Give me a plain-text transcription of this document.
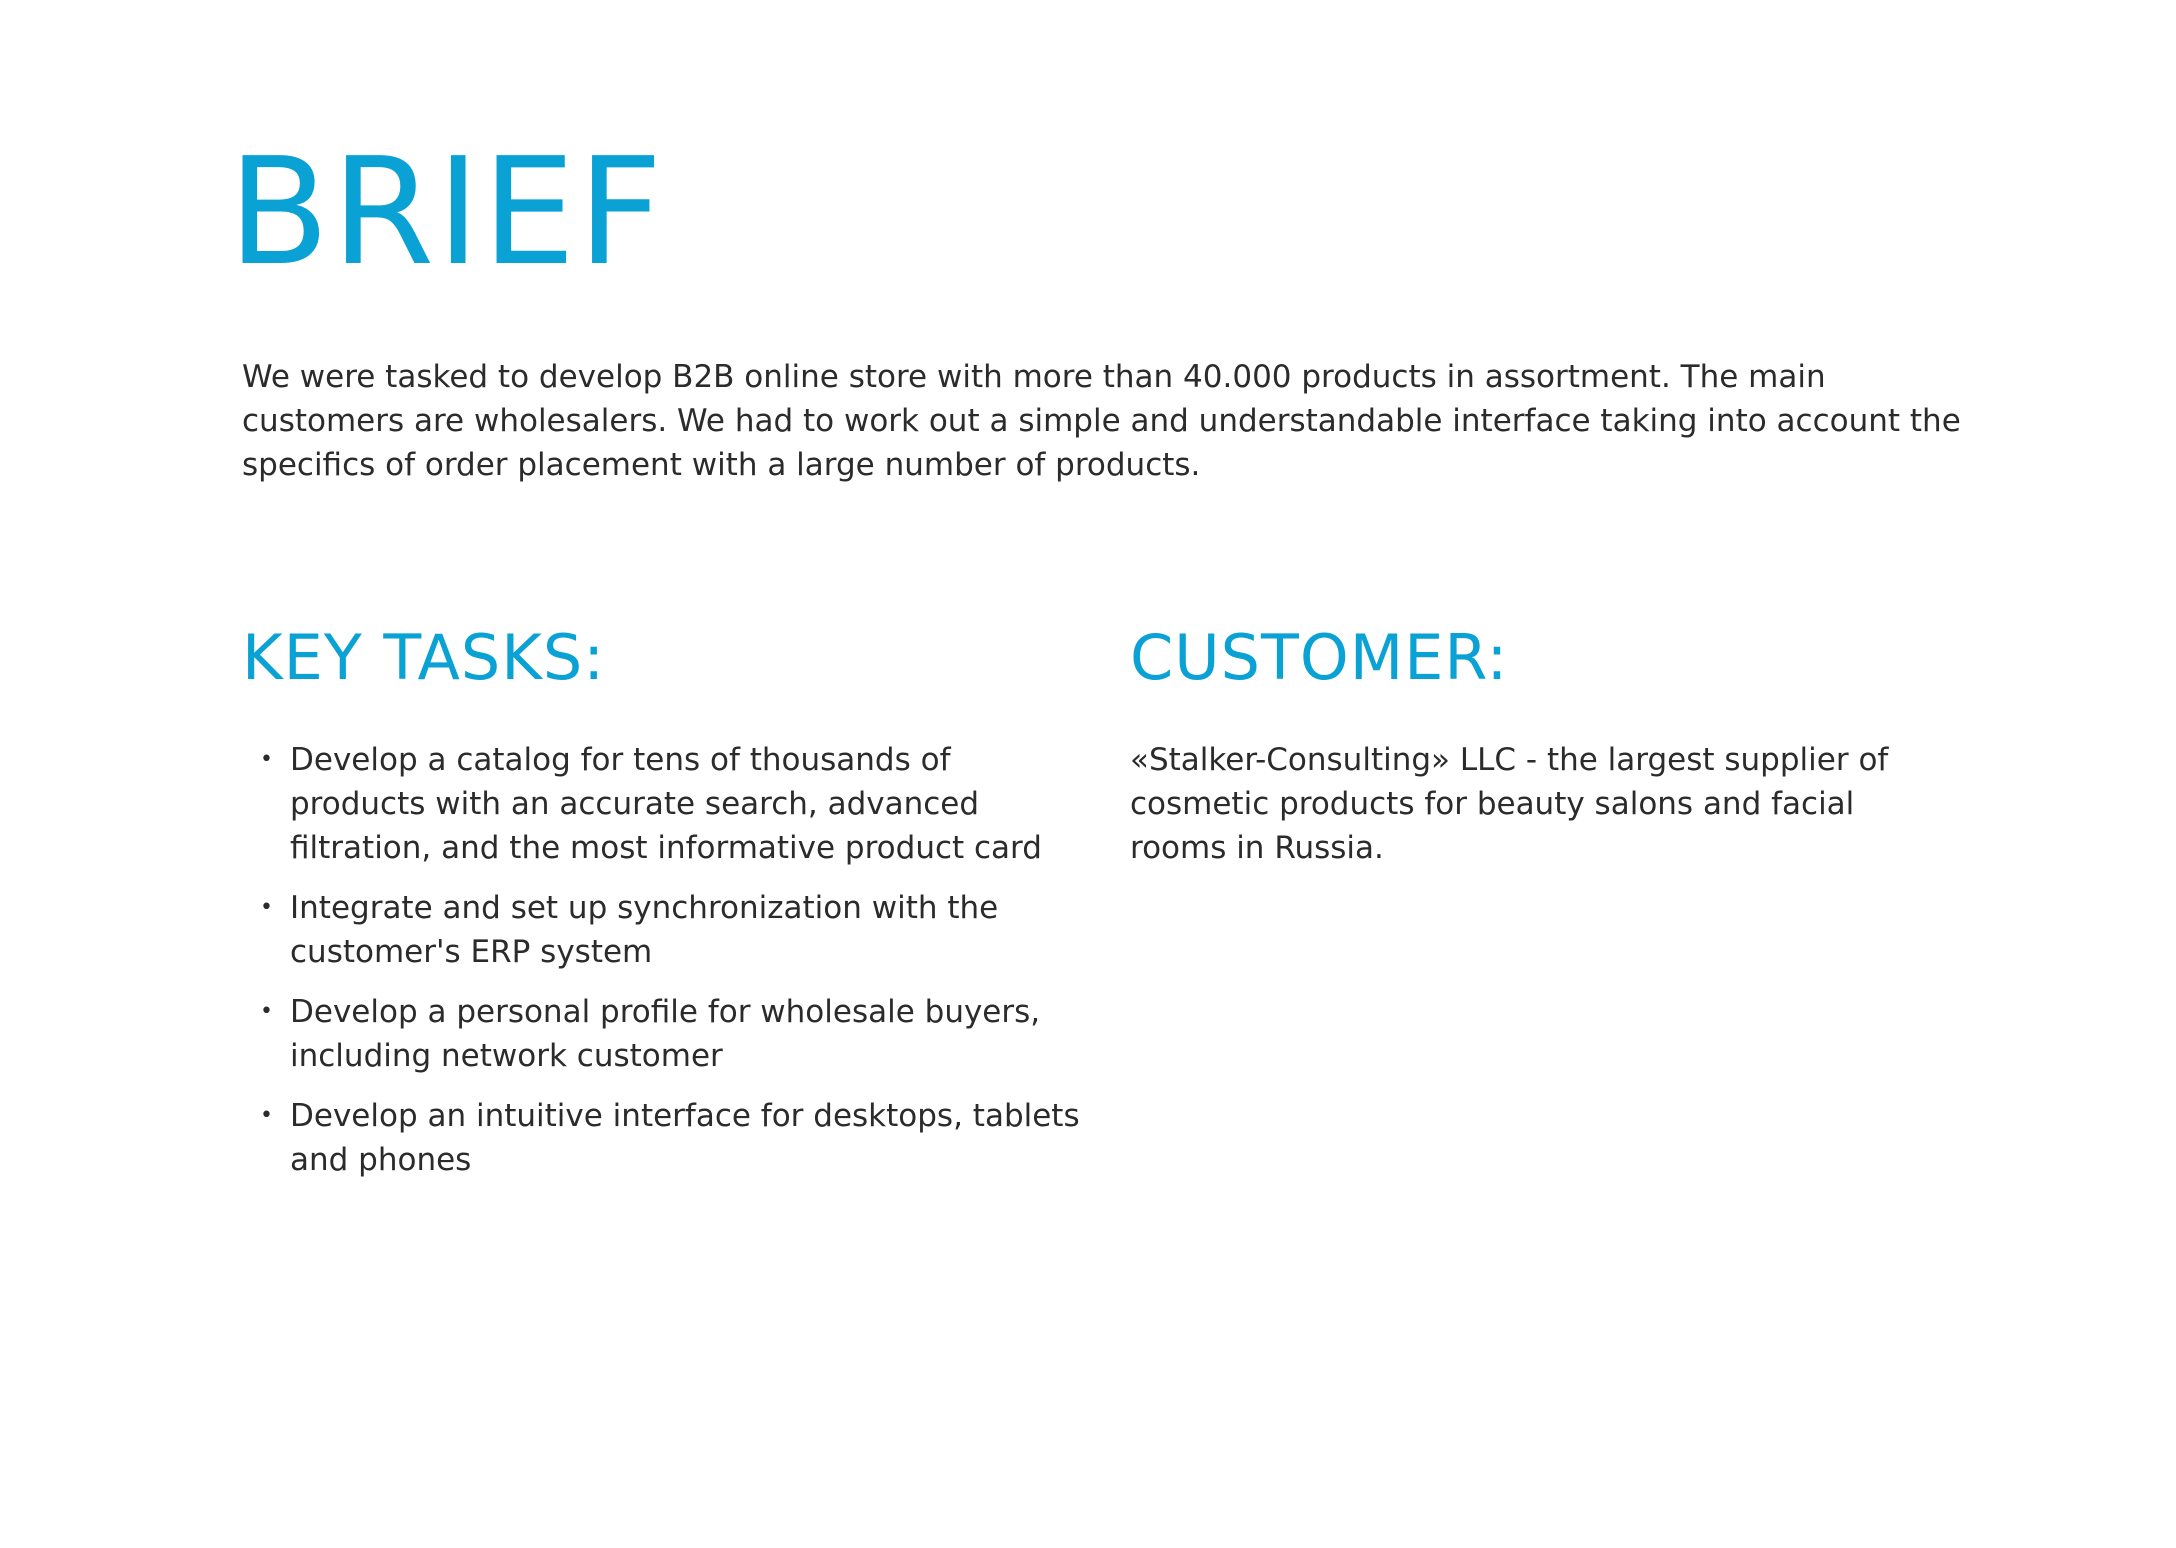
BRIEF

We were tasked to develop B2B online store with more than 40.000 products in assortment. The main customers are wholesalers. We had to work out a simple and understandable interface taking into account the specifics of order placement with a large number of products.

KEY TASKS:
• Develop a catalog for tens of thousands of products with an accurate search, advanced filtration, and the most informative product card
• Integrate and set up synchronization with the customer's ERP system
• Develop a personal profile for wholesale buyers, including network customer
• Develop an intuitive interface for desktops, tablets and phones
CUSTOMER:

«Stalker-Consulting» LLC - the largest supplier of cosmetic products for beauty salons and facial rooms in Russia.
